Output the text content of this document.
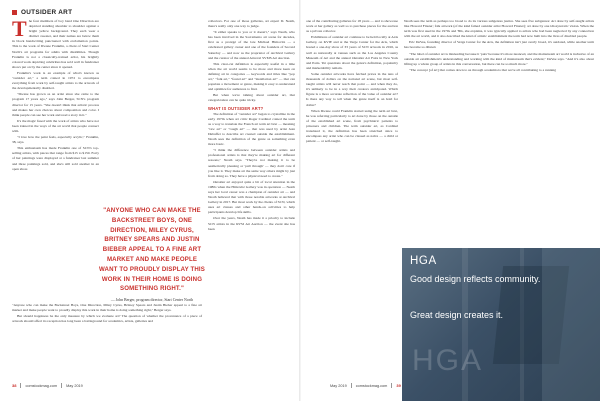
OUTSIDER ART

The four members of boy band One Direction are depicted standing shoulder to shoulder against a bright yellow background. They each wear a distinct sweater, and their names are below them in block handwriting punctuated with exclamation points. This is the work of Dwane Franklin, a client of Start Center North's art programs for adults with disabilities. Though Franklin is not a classically-trained artist, his brightly colored work depicting celebrities has sold well in fundraiser shows put on by the center since it opened.

Franklin's work is an example of what's known as "outsider art," a term coined in 1972 to encompass everything from work by self-taught artists to the artwork of the developmentally disabled.

"Dwane has grown as an artist since she came to the program 17 years ago," says John Berger, SCN's program director for 15 years. "She doesn't think that artistic process and makes her own choices about composition and color. I think people can see her work and read a story in it."

It's the magic fused with the work of artists who have not been trained in the ways of the art world that people connect with.

"I love how the paint feels, especially acrylic," Franklin, 38, says.

This enthusiasm has made Franklin one of SCN's top-selling artists, with pieces that range from $15 to $150. Forty of her paintings were displayed at a fundraiser last summer and three paintings sold, and she's still sold another in an open show.

"ANYONE WHO CAN MAKE THE BACKSTREET BOYS, ONE DIRECTION, MILEY CYRUS, BRITNEY SPEARS AND JUSTIN BIEBER APPEAL TO A FINE ART MARKET AND MAKE PEOPLE WANT TO PROUDLY DISPLAY THIS WORK IN THEIR HOME IS DOING SOMETHING RIGHT."
— John Berger, program director, Start Center North

"Anyone who can make the Backstreet Boys, One Direction, Miley Cyrus, Britney Spears and Justin Bieber appeal to a fine art market and make people want to proudly display this work in their home is doing something right," Berger says.

But should happiness be the only measure by which we evaluate art? The question of whether the provenance of a piece of artwork should affect its reception has long been a battleground for academics, artists, galleries and

collectors. For one of those galleries, art expert D. Neath, there's really only one way to judge.

"It either speaks to you or it doesn't," says Neath, who has been involved in the Sacramento art scene for decades, first as a protégé of the late Michael Himovitz — a celebrated gallery owner and one of the founders of Second Saturday — and now as the proprietor of Archival Gallery and the curator of the annual Artrevel SVMS Art Auction.

This clear-cut definition is especially useful in a time when the art world seems to be more and more keen on defining art in categories — keywords and titles like "pop art," "folk art," "found art" and "installation art" — that can populate a movement or genre, making it easy to understand and optimize for audiences to find.

But when we're talking about outsider art, that categorization can be quite tricky.

WHAT IS OUTSIDER ART?

The definition of "outsider art" began to crystallize in the early 1970s when art critic Roger Cardinal coined the term as a way to translate the French art term art brut — meaning "raw art" or "rough art" — that was used by artist Jean Dubuffet to describe art created outside the establishment. Neath sees the definition of the genre as something even more basic.

"I think the difference between outsider artists and professional artists is that they're making art for different reasons," Neath says. "They're not making it to be aesthetically pleasing or 'pull through' — they don't care if you like it. They make art the same way others might by just from doing so. They have a physical need to create."

Outsider art enjoyed quite a bit of local attention in the 1980s when the Himovitz Gallery was in operation — Neath says her local career was a champion of outsider art — and Neath believed that with those notable artworks at Archival Gallery in 2017. But most work by the clients of SCN, which uses art classes and other hands-on activities to help participants develop life skills.

Over the years, Neath has made it a priority to include SCN artists in the RVSI Art Auction — the event she has been

one of the contributing galleries for 18 years — and to showcase work at her gallery as well so to purchase pieces for the auction as a private collector.

Exhibitions of outsider art continue to be held locally at Axis Gallery, on KVIE and at the Verge Center for the Arts, which hosted a one-day show of 33 years of SCN artwork in 2016, as well as nationally at venues such as the Los Angeles County Museum of Art and the annual Outsider Art Fairs in New York and Paris. Yet questions about the genre's definition, popularity and marketability remain.

Some outsider artworks have fetched prices in the tens of thousands of dollars on the national art scene, but most self-taught artists will never reach that point — and when they do, it's unlikely to be in a way their creators anticipated. Which figure is a more accurate reflection of the value of outsider art? Is there any way to tell when the genre itself is on hold for dollar?

When Dwane could Franklin started using the term art brut, he was referring particularly to art done by those on the outside of the established art scene, from psychiatric patients to prisoners and children. The term outsider art, as Cardinal translated it, the definition has been stretched since to encompass any artist who can be classed as naïve — a child or patient — or self-taught.

Neath sees the term as perhaps too broad to do its various subgenres justice. She sees five subgenres: Art done by self-taught artists like Howard Finster; folk artwork (of the kind famed outsider artist Howard Finster); art done by one idiosyncratic vision. When the term was first used in the 1970s and '80s, she explains, it was typically applied to artists who had been neglected by any connection with the art world, and it also described the kind of artistic establishment the term had now built into the lives of disabled people.

Eric DeVee, founding director of Verge Center for the Arts, the definition isn't just overly broad, it's outdated, while another term has become so diluted.

"The label of outsider art is misleading because it 'puts' because it's more nuanced, and the mainstream art world is inclusive of an outside art establishment's understanding and working with the kind of mainstream that's evident," DeVee says. "And it's also about lifting up a whole group of artists in this conversation, but there can be so much more."

"The concept [of art] that comes down to us through academia is that we're all contributing to a running

HGA
Good design reflects community.
Great design creates it.
HGA
38 comstockmag.com May 2019	May 2019 comstockmag.com 39
